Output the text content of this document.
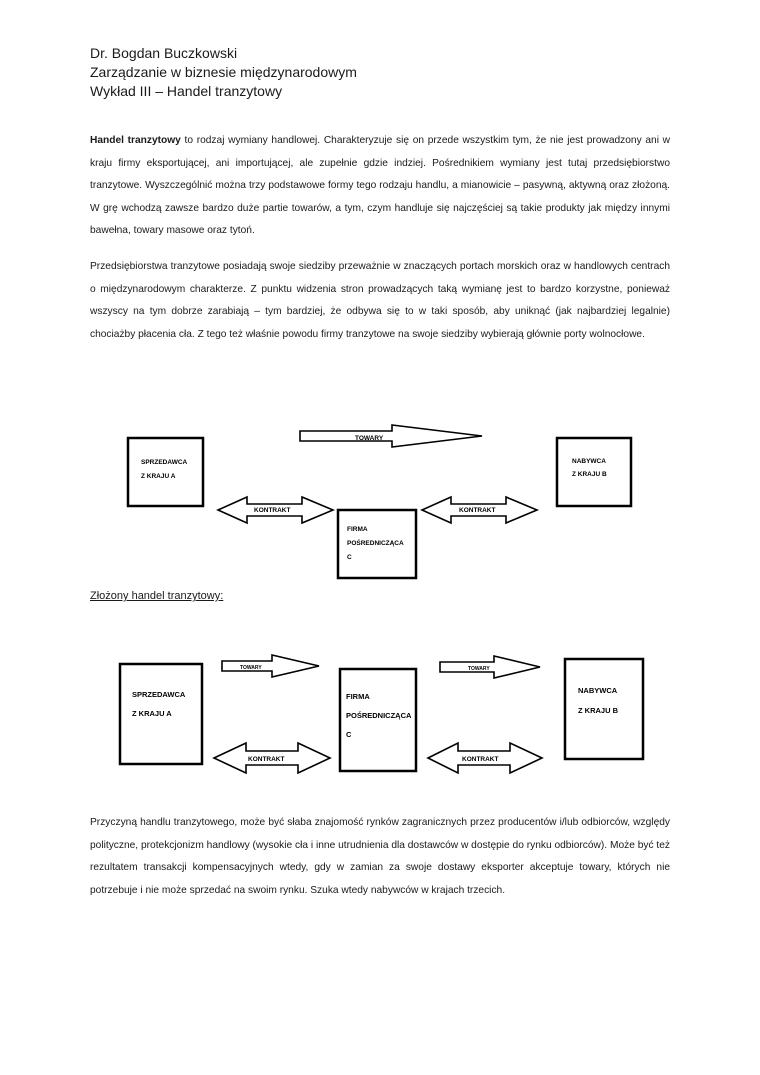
Dr. Bogdan Buczkowski
Zarządzanie w biznesie międzynarodowym
Wykład III – Handel tranzytowy
Handel tranzytowy to rodzaj wymiany handlowej. Charakteryzuje się on przede wszystkim tym, że nie jest prowadzony ani w kraju firmy eksportującej, ani importującej, ale zupełnie gdzie indziej. Pośrednikiem wymiany jest tutaj przedsiębiorstwo tranzytowe. Wyszczególnić można trzy podstawowe formy tego rodzaju handlu, a mianowicie – pasywną, aktywną oraz złożoną. W grę wchodzą zawsze bardzo duże partie towarów, a tym, czym handluje się najczęściej są takie produkty jak między innymi bawełna, towary masowe oraz tytoń.
Przedsiębiorstwa tranzytowe posiadają swoje siedziby przeważnie w znaczących portach morskich oraz w handlowych centrach o międzynarodowym charakterze. Z punktu widzenia stron prowadzących taką wymianę jest to bardzo korzystne, ponieważ wszyscy na tym dobrze zarabiają – tym bardziej, że odbywa się to w taki sposób, aby uniknąć (jak najbardziej legalnie) chociażby płacenia cła. Z tego też właśnie powodu firmy tranzytowe na swoje siedziby wybierają głównie porty wolnocłowe.
SPRZEDAWCA
Z KRAJU A
NABYWCA
Z KRAJU B
TOWARY
KONTRAKT	KONTRAKT
FIRMA
POŚREDNICZĄCA
C
Złożony handel tranzytowy:
SPRZEDAWCA
Z KRAJU A
FIRMA
POŚREDNICZĄCA
C
NABYWCA
Z KRAJU B
TOWARY	TOWARY
KONTRAKT	KONTRAKT
Przyczyną handlu tranzytowego, może być słaba znajomość rynków zagranicznych przez producentów i/lub odbiorców, względy polityczne, protekcjonizm handlowy (wysokie cła i inne utrudnienia dla dostawców w dostępie do rynku odbiorców). Może być też rezultatem transakcji kompensacyjnych wtedy, gdy w zamian za swoje dostawy eksporter akceptuje towary, których nie potrzebuje i nie może sprzedać na swoim rynku. Szuka wtedy nabywców w krajach trzecich.
